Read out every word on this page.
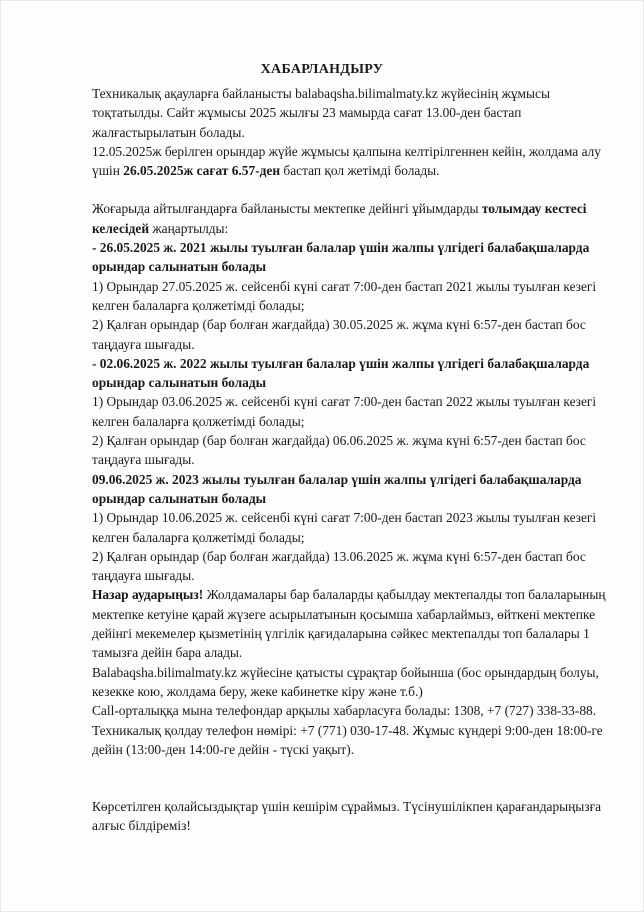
ХАБАРЛАНДЫРУ

Техникалық ақауларға байланысты balabaqsha.bilimalmaty.kz жүйесінің жұмысы тоқтатылды. Сайт жұмысы 2025 жылғы 23 мамырда сағат 13.00-ден бастап жалғастырылатын болады.

12.05.2025ж берілген орындар жүйе жұмысы қалпына келтірілгеннен кейін, жолдама алу үшін 26.05.2025ж сағат 6.57-ден бастап қол жетімді болады.

Жоғарыда айтылғандарға байланысты мектепке дейінгі ұйымдарды толымдау кестесі келесідей жаңартылды:

- 26.05.2025 ж. 2021 жылы туылған балалар үшін жалпы үлгідегі балабақшаларда орындар салынатын болады

1) Орындар 27.05.2025 ж. сейсенбі күні сағат 7:00-ден бастап 2021 жылы туылған кезегі келген балаларға қолжетімді болады;

2) Қалған орындар (бар болған жағдайда) 30.05.2025 ж. жұма күні 6:57-ден бастап бос таңдауға шығады.

- 02.06.2025 ж. 2022 жылы туылған балалар үшін жалпы үлгідегі балабақшаларда орындар салынатын болады

1) Орындар 03.06.2025 ж. сейсенбі күні сағат 7:00-ден бастап 2022 жылы туылған кезегі келген балаларға қолжетімді болады;

2) Қалған орындар (бар болған жағдайда) 06.06.2025 ж. жұма күні 6:57-ден бастап бос таңдауға шығады.

09.06.2025 ж. 2023 жылы туылған балалар үшін жалпы үлгідегі балабақшаларда орындар салынатын болады

1) Орындар 10.06.2025 ж. сейсенбі күні сағат 7:00-ден бастап 2023 жылы туылған кезегі келген балаларға қолжетімді болады;

2) Қалған орындар (бар болған жағдайда) 13.06.2025 ж. жұма күні 6:57-ден бастап бос таңдауға шығады.

Назар аударыңыз! Жолдамалары бар балаларды қабылдау мектепалды топ балаларының мектепке кетуіне қарай жүзеге асырылатынын қосымша хабарлаймыз, өйткені мектепке дейінгі мекемелер қызметінің үлгілік қағидаларына сәйкес мектепалды топ балалары 1 тамызға дейін бара алады.

Balabaqsha.bilimalmaty.kz жүйесіне қатысты сұрақтар бойынша (бос орындардың болуы, кезекке кою, жолдама беру, жеке кабинетке кіру және т.б.)

Call-орталыққа мына телефондар арқылы хабарласуға болады: 1308, +7 (727) 338-33-88. Техникалық қолдау телефон нөмірі: +7 (771) 030-17-48. Жұмыс күндері 9:00-ден 18:00-ге дейін (13:00-ден 14:00-ге дейін - түскі уақыт).

Көрсетілген қолайсыздықтар үшін кешірім сұраймыз. Түсінушілікпен қарағандарыңызға алғыс білдіреміз!
